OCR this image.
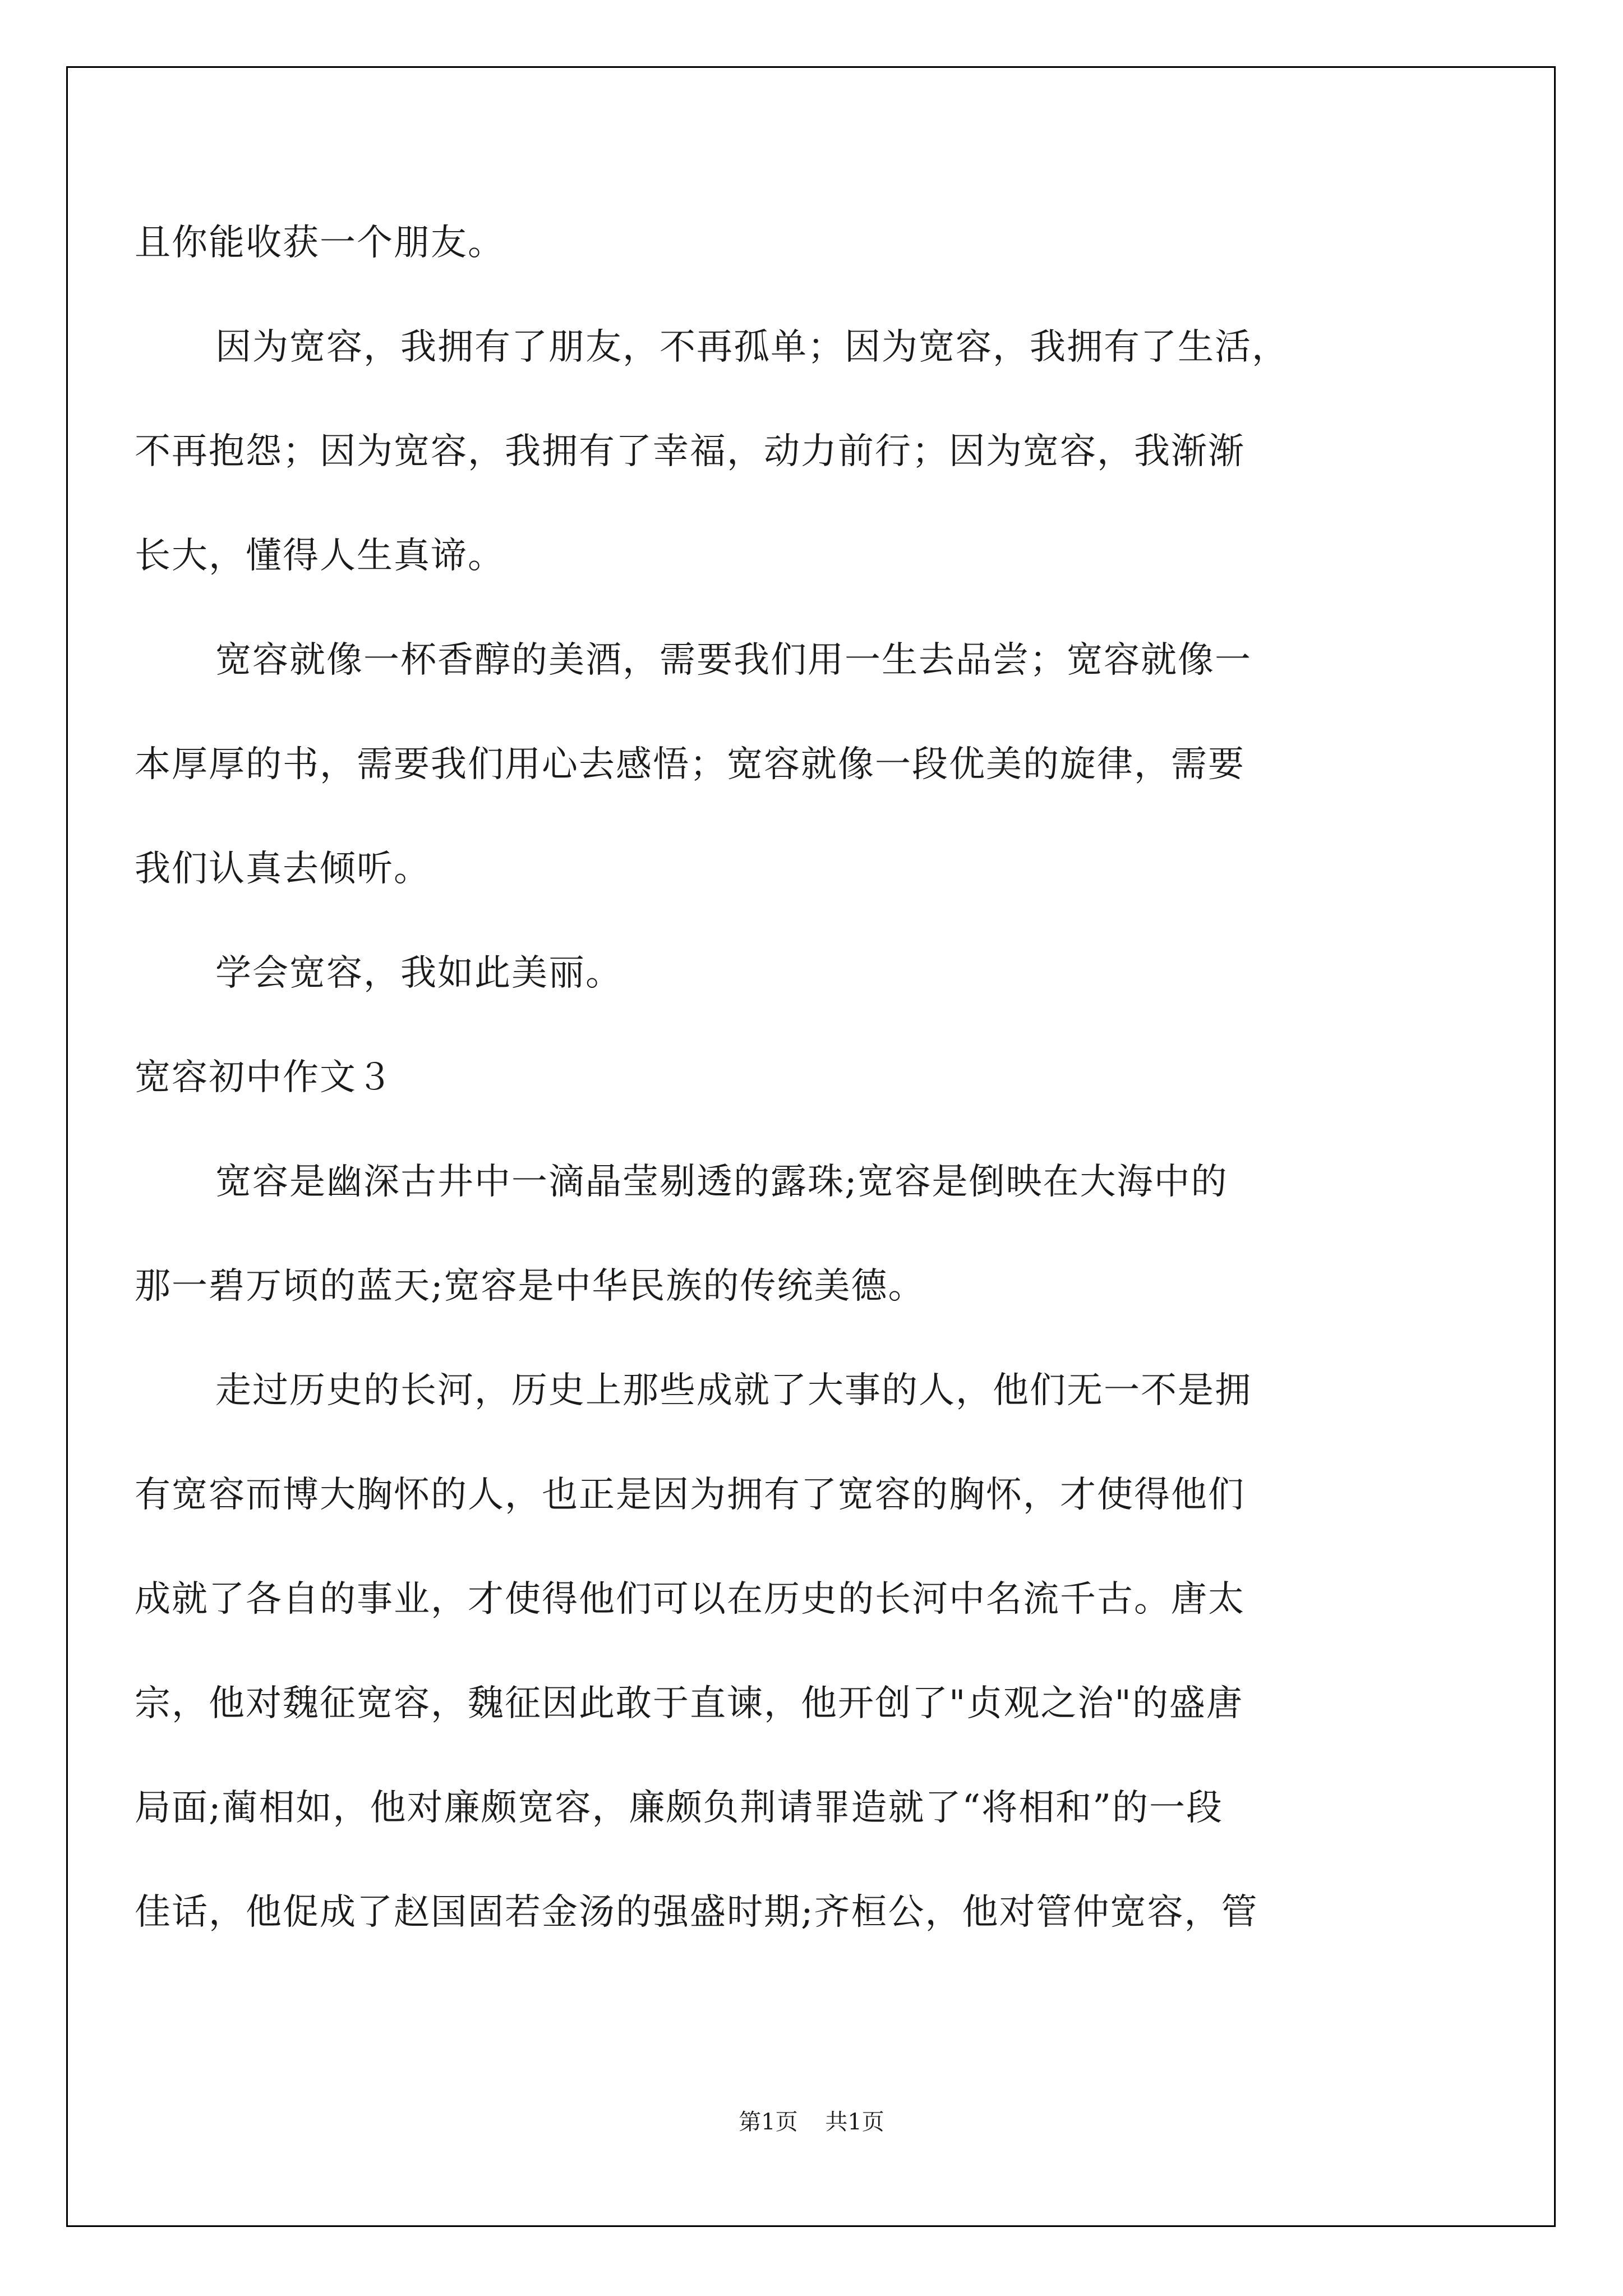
且你能收获一个朋友。
因为宽容，我拥有了朋友，不再孤单；因为宽容，我拥有了生活，
不再抱怨；因为宽容，我拥有了幸福，动力前行；因为宽容，我渐渐
长大，懂得人生真谛。
宽容就像一杯香醇的美酒，需要我们用一生去品尝；宽容就像一
本厚厚的书，需要我们用心去感悟；宽容就像一段优美的旋律，需要
我们认真去倾听。
学会宽容，我如此美丽。
宽容初中作文３
宽容是幽深古井中一滴晶莹剔透的露珠;宽容是倒映在大海中的
那一碧万顷的蓝天;宽容是中华民族的传统美德。
走过历史的长河，历史上那些成就了大事的人，他们无一不是拥
有宽容而博大胸怀的人，也正是因为拥有了宽容的胸怀，才使得他们
成就了各自的事业，才使得他们可以在历史的长河中名流千古。唐太
宗，他对魏征宽容，魏征因此敢于直谏，他开创了"贞观之治"的盛唐
局面;蔺相如，他对廉颇宽容，廉颇负荆请罪造就了“将相和”的一段
佳话，他促成了赵国固若金汤的强盛时期;齐桓公，他对管仲宽容，管
第1页 共1页
